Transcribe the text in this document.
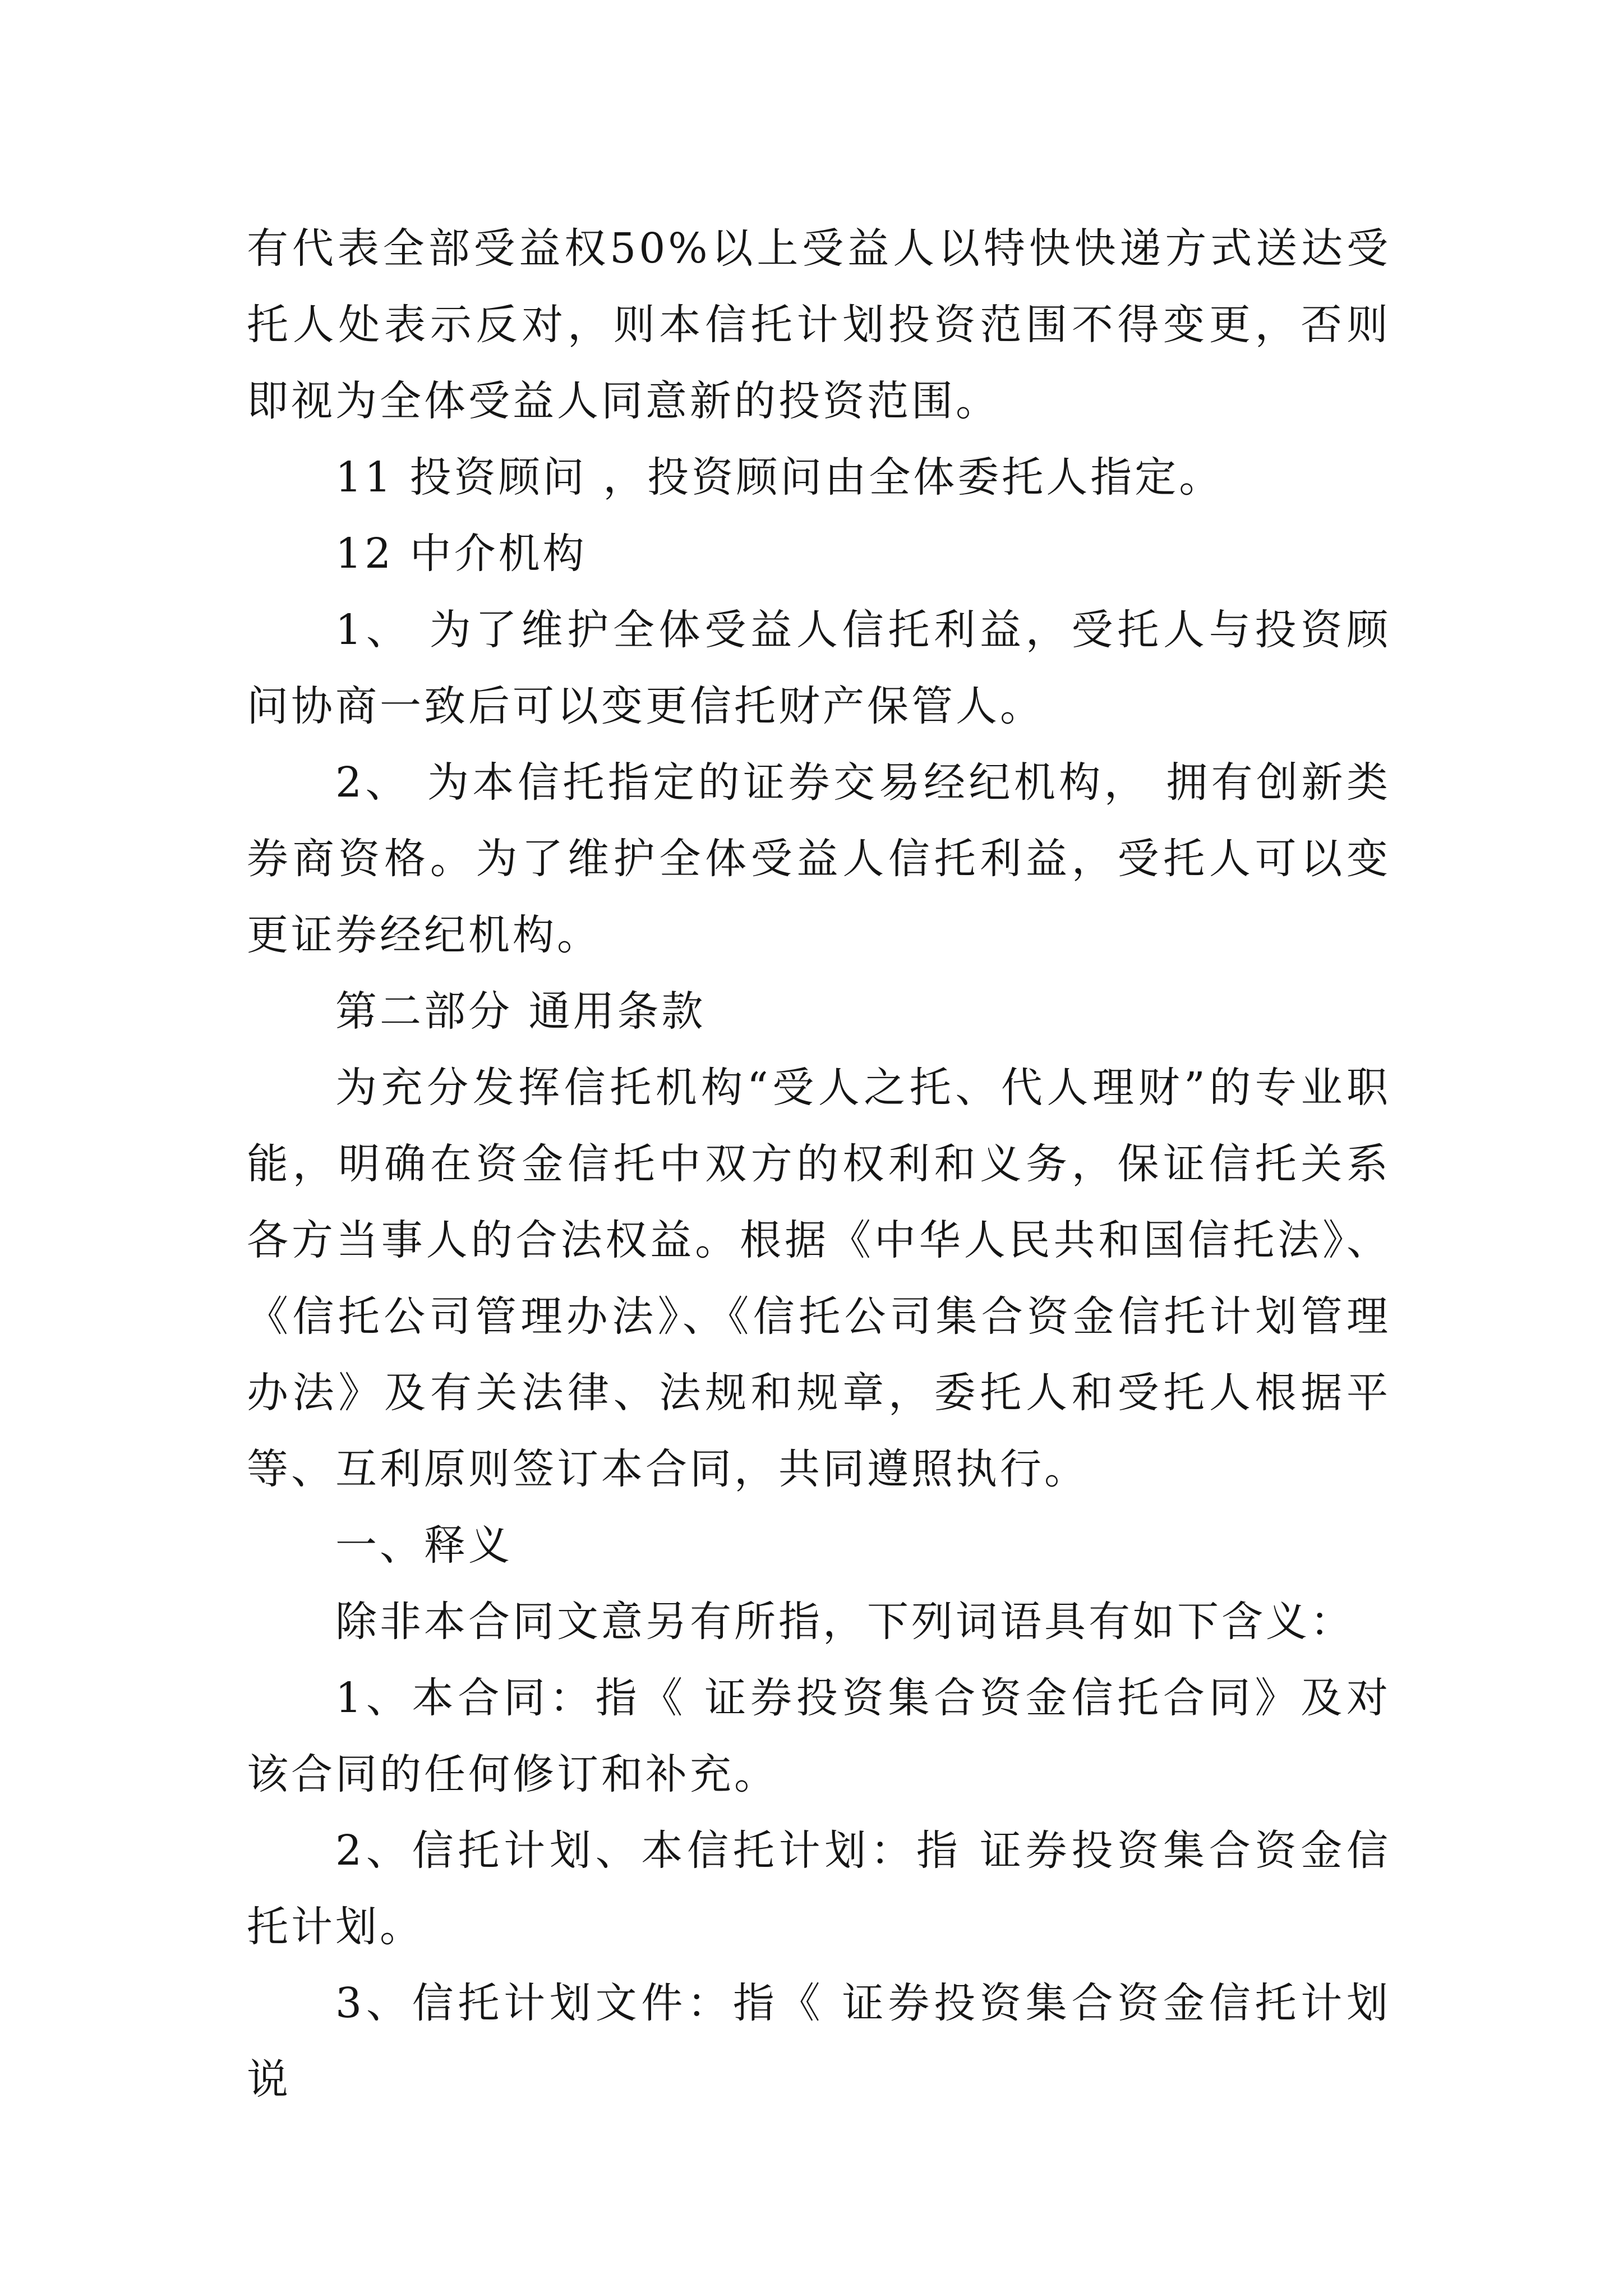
有代表全部受益权50%以上受益人以特快快递方式送达受托人处表示反对，则本信托计划投资范围不得变更，否则即视为全体受益人同意新的投资范围。

11 投资顾问 ，投资顾问由全体委托人指定。

12 中介机构

1、 为了维护全体受益人信托利益，受托人与投资顾问协商一致后可以变更信托财产保管人。

2、 为本信托指定的证券交易经纪机构， 拥有创新类券商资格。为了维护全体受益人信托利益，受托人可以变更证券经纪机构。

第二部分 通用条款

为充分发挥信托机构“受人之托、代人理财”的专业职能，明确在资金信托中双方的权利和义务，保证信托关系各方当事人的合法权益。根据《中华人民共和国信托法》、《信托公司管理办法》、《信托公司集合资金信托计划管理办法》及有关法律、法规和规章，委托人和受托人根据平等、互利原则签订本合同，共同遵照执行。

一、释义

除非本合同文意另有所指，下列词语具有如下含义：

1、本合同：指《 证券投资集合资金信托合同》及对该合同的任何修订和补充。

2、信托计划、本信托计划：指 证券投资集合资金信托计划。

3、信托计划文件：指《 证券投资集合资金信托计划说
